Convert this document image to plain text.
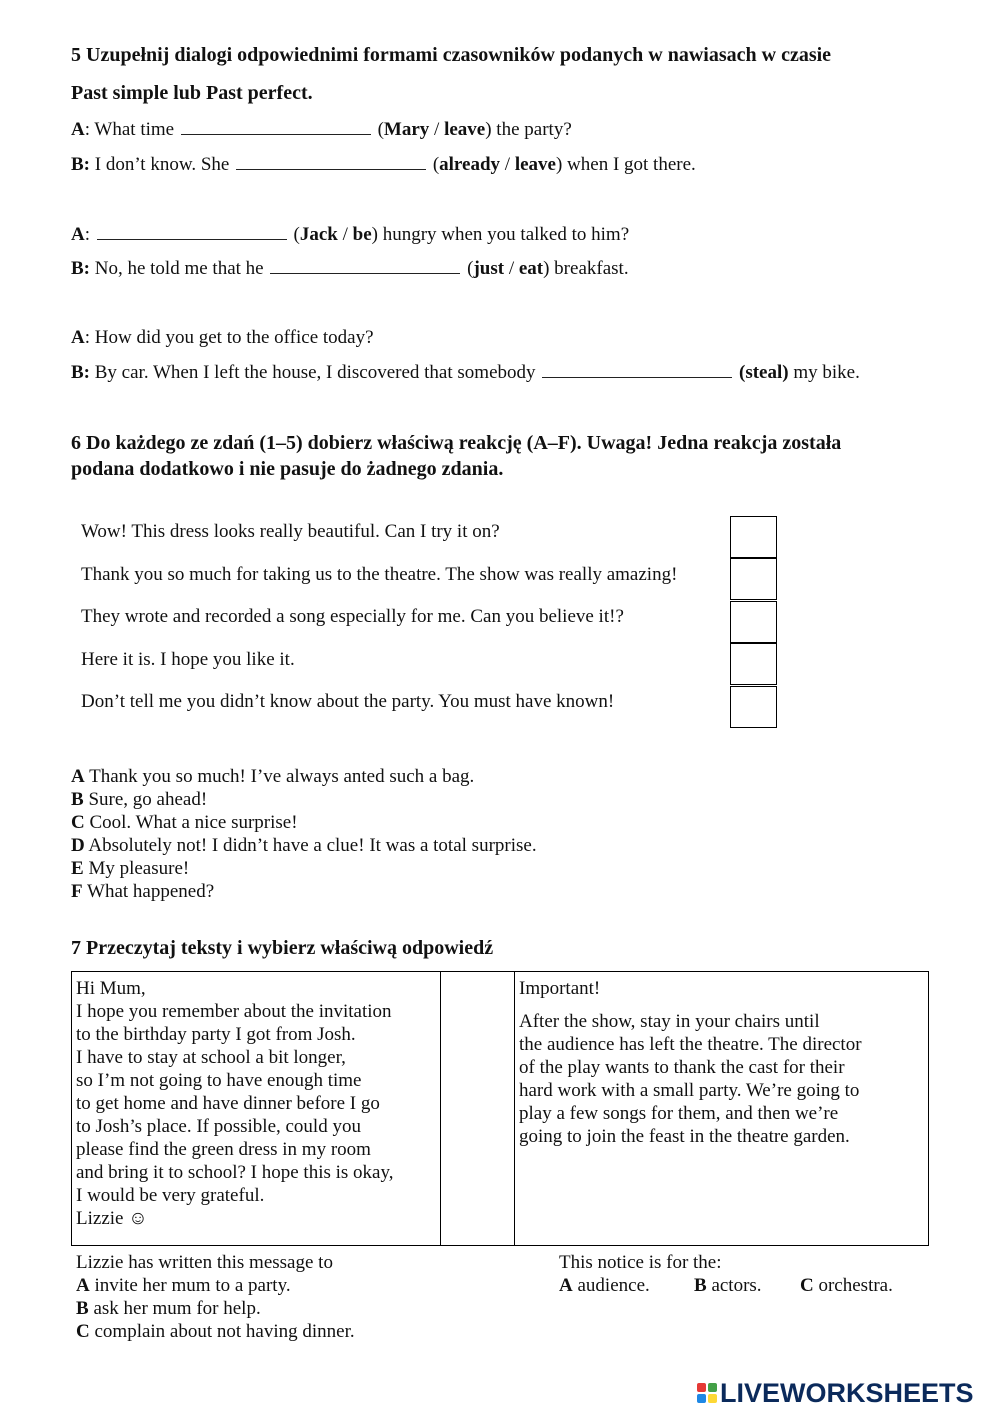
5 Uzupełnij dialogi odpowiednimi formami czasowników podanych w nawiasach w czasie
Past simple lub Past perfect.
A: What time	(Mary / leave) the party?
B: I don’t know. She	(already / leave) when I got there.
A:	(Jack / be) hungry when you talked to him?
B: No, he told me that he	(just / eat) breakfast.
A: How did you get to the office today?
B: By car. When I left the house, I discovered that somebody	(steal) my bike.
6 Do każdego ze zdań (1–5) dobierz właściwą reakcję (A–F). Uwaga! Jedna reakcja została
podana dodatkowo i nie pasuje do żadnego zdania.
Wow! This dress looks really beautiful. Can I try it on?
Thank you so much for taking us to the theatre. The show was really amazing!
They wrote and recorded a song especially for me. Can you believe it!?
Here it is. I hope you like it.
Don’t tell me you didn’t know about the party. You must have known!
A Thank you so much! I’ve always anted such a bag.
B Sure, go ahead!
C Cool. What a nice surprise!
D Absolutely not! I didn’t have a clue! It was a total surprise.
E My pleasure!
F What happened?
7 Przeczytaj teksty i wybierz właściwą odpowiedź
Hi Mum,
I hope you remember about the invitation
to the birthday party I got from Josh.
I have to stay at school a bit longer,
so I’m not going to have enough time
to get home and have dinner before I go
to Josh’s place. If possible, could you
please find the green dress in my room
and bring it to school? I hope this is okay,
I would be very grateful.
Lizzie ☺
Important!
After the show, stay in your chairs until
the audience has left the theatre. The director
of the play wants to thank the cast for their
hard work with a small party. We’re going to
play a few songs for them, and then we’re
going to join the feast in the theatre garden.
Lizzie has written this message to
A invite her mum to a party.
B ask her mum for help.
C complain about not having dinner.
This notice is for the:
A audience. B actors. C orchestra.
LIVEWORKSHEETS
